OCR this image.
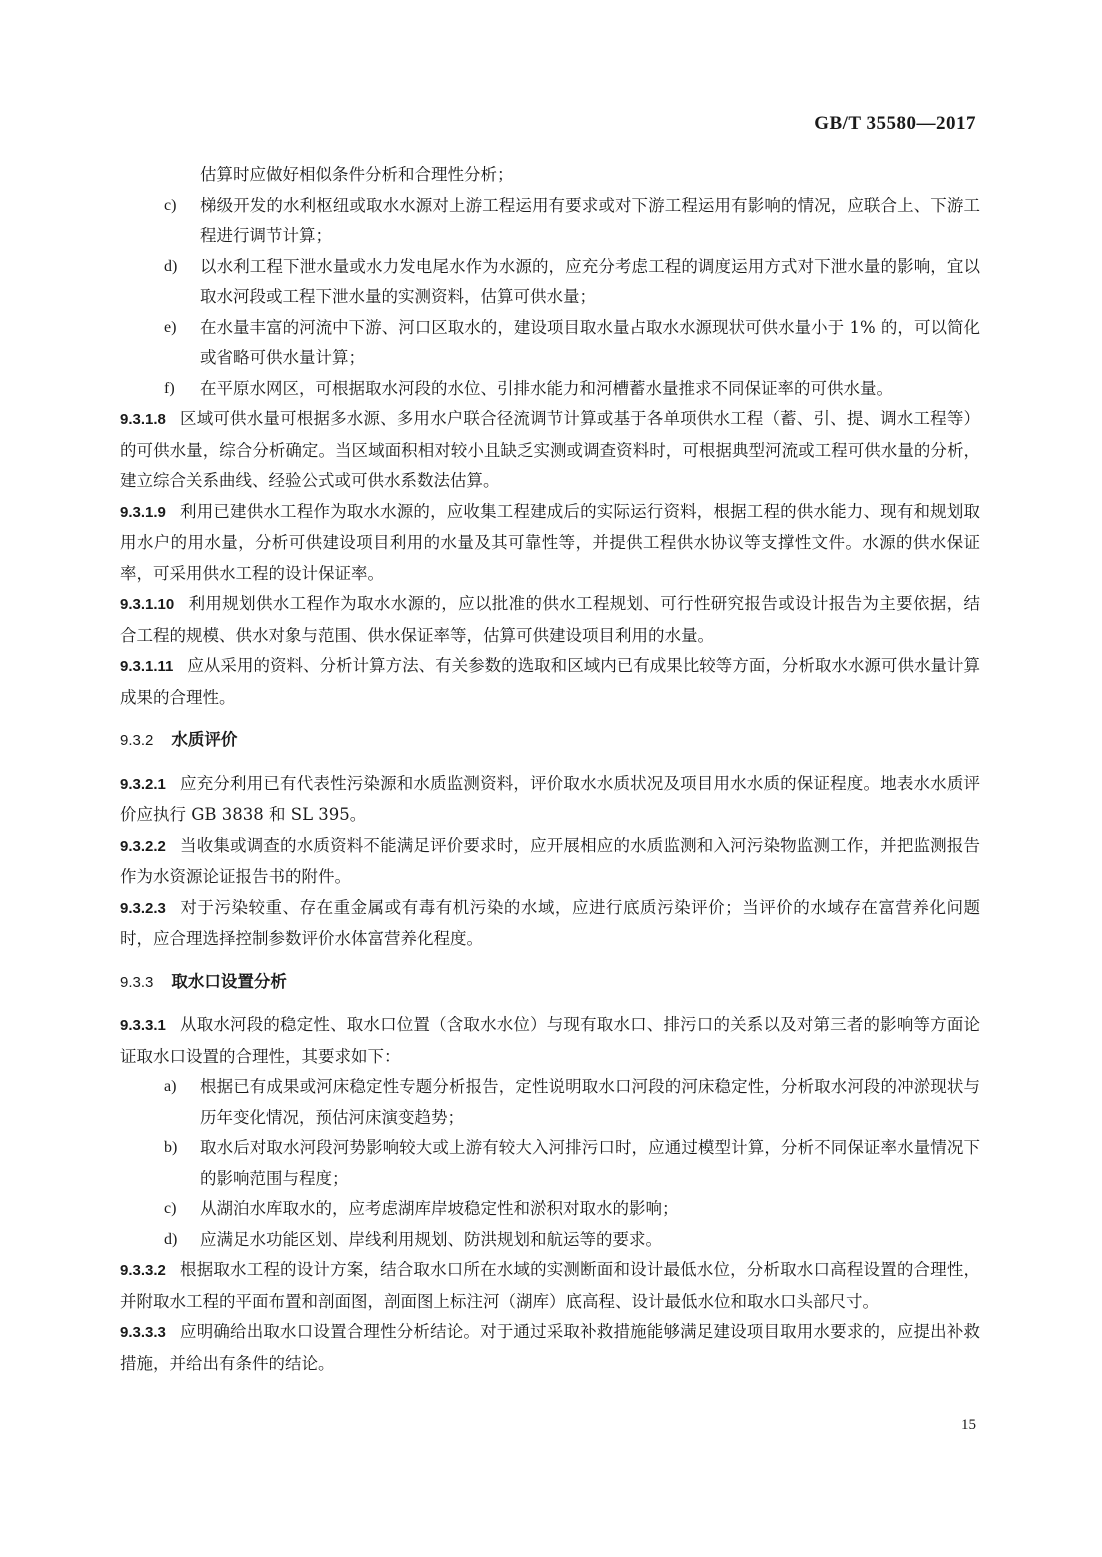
GB/T 35580—2017

估算时应做好相似条件分析和合理性分析；

c) 梯级开发的水利枢纽或取水水源对上游工程运用有要求或对下游工程运用有影响的情况，应联合上、下游工程进行调节计算；
d) 以水利工程下泄水量或水力发电尾水作为水源的，应充分考虑工程的调度运用方式对下泄水量的影响，宜以取水河段或工程下泄水量的实测资料，估算可供水量；
e) 在水量丰富的河流中下游、河口区取水的，建设项目取水量占取水水源现状可供水量小于 1% 的，可以简化或省略可供水量计算；
f) 在平原水网区，可根据取水河段的水位、引排水能力和河槽蓄水量推求不同保证率的可供水量。

9.3.1.8 区域可供水量可根据多水源、多用水户联合径流调节计算或基于各单项供水工程（蓄、引、提、调水工程等）的可供水量，综合分析确定。当区域面积相对较小且缺乏实测或调查资料时，可根据典型河流或工程可供水量的分析，建立综合关系曲线、经验公式或可供水系数法估算。

9.3.1.9 利用已建供水工程作为取水水源的，应收集工程建成后的实际运行资料，根据工程的供水能力、现有和规划取用水户的用水量，分析可供建设项目利用的水量及其可靠性等，并提供工程供水协议等支撑性文件。水源的供水保证率，可采用供水工程的设计保证率。

9.3.1.10 利用规划供水工程作为取水水源的，应以批准的供水工程规划、可行性研究报告或设计报告为主要依据，结合工程的规模、供水对象与范围、供水保证率等，估算可供建设项目利用的水量。

9.3.1.11 应从采用的资料、分析计算方法、有关参数的选取和区域内已有成果比较等方面，分析取水水源可供水量计算成果的合理性。

9.3.2 水质评价

9.3.2.1 应充分利用已有代表性污染源和水质监测资料，评价取水水质状况及项目用水水质的保证程度。地表水水质评价应执行 GB 3838 和 SL 395。

9.3.2.2 当收集或调查的水质资料不能满足评价要求时，应开展相应的水质监测和入河污染物监测工作，并把监测报告作为水资源论证报告书的附件。

9.3.2.3 对于污染较重、存在重金属或有毒有机污染的水域，应进行底质污染评价；当评价的水域存在富营养化问题时，应合理选择控制参数评价水体富营养化程度。

9.3.3 取水口设置分析

9.3.3.1 从取水河段的稳定性、取水口位置（含取水水位）与现有取水口、排污口的关系以及对第三者的影响等方面论证取水口设置的合理性，其要求如下：

a) 根据已有成果或河床稳定性专题分析报告，定性说明取水口河段的河床稳定性，分析取水河段的冲淤现状与历年变化情况，预估河床演变趋势；
b) 取水后对取水河段河势影响较大或上游有较大入河排污口时，应通过模型计算，分析不同保证率水量情况下的影响范围与程度；
c) 从湖泊水库取水的，应考虑湖库岸坡稳定性和淤积对取水的影响；
d) 应满足水功能区划、岸线利用规划、防洪规划和航运等的要求。

9.3.3.2 根据取水工程的设计方案，结合取水口所在水域的实测断面和设计最低水位，分析取水口高程设置的合理性，并附取水工程的平面布置和剖面图，剖面图上标注河（湖库）底高程、设计最低水位和取水口头部尺寸。

9.3.3.3 应明确给出取水口设置合理性分析结论。对于通过采取补救措施能够满足建设项目取用水要求的，应提出补救措施，并给出有条件的结论。

15
